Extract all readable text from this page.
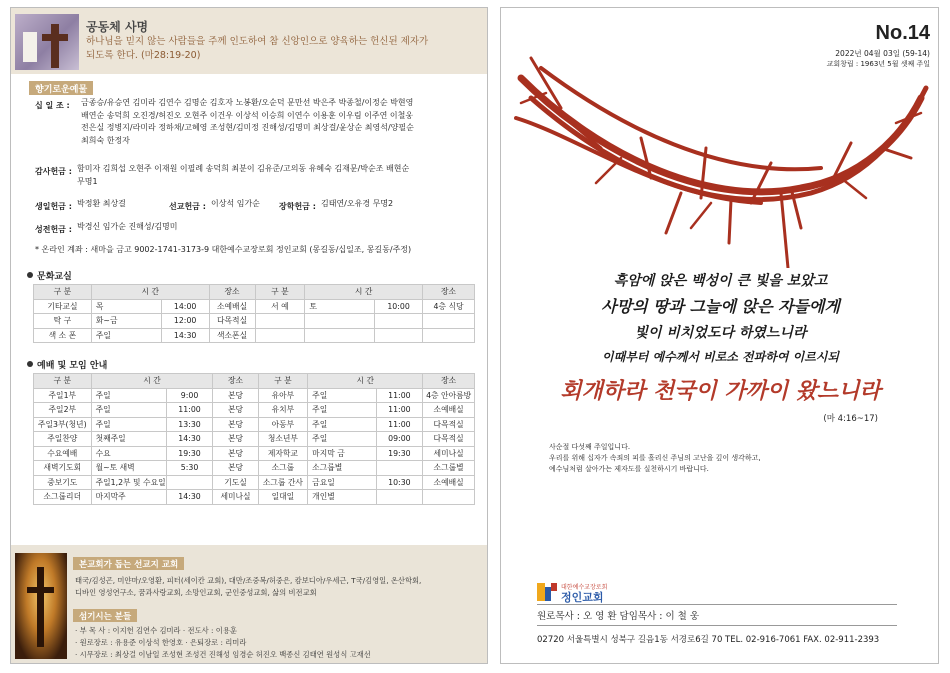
공동체 사명
하나님을 믿지 않는 사람들을 주께 인도하여 참 신앙인으로 양육하는 헌신된 제자가
되도록 한다. (마28:19-20)
향기로운예물
십 일 조 : 금종승/유승연 김미라 김연수 김명순 김호자 노봉환/오순덕 문만선 박은주 박종철/이정순 박현영
배연순 송덕희 오진경/허진오 오현주 이건우 이상석 이승희 이연수 이용훈 이우림 이주연 이철웅
전은실 정병지/라미라 정하채/고혜영 조성현/김미정 진해성/김명미 최상걸/윤상순 최영석/양필순
최희숙 한정자
감사헌금 : 함미자 김희섭 오현주 이재원 이필례 송덕희 최분이 김유준/고의동 유혜숙 김재문/박순조 배현순
무명1
생일헌금 : 박정환 최상걸	선교헌금 : 이상석 임가순 장학헌금 : 김태연/오유경 무명2
성전헌금 : 박경신 임가순 진해성/김명미
* 온라인 계좌 : 새마을 금고 9002-1741-3173-9 대한예수교장로회 정인교회 (몽길동/십일조, 몽길동/주정)
문화교실
구 분	시 간		장소	구 분	시 간		장소
기타교실	목	14:00	소예배실	서 예	토	10:00	4층 식당
탁 구	화~금	12:00	다목적실				
색 소 폰	주일	14:30	색소폰실				
예배 및 모임 안내
구 분	시 간		장소	구 분	시 간		장소
주일1부	주일	9:00	본당	유아부	주일	11:00	4층 안아름방
주일2부	주일	11:00	본당	유치부	주일	11:00	소예배실
주일3부(청년)	주일	13:30	본당	아동부	주일	11:00	다목적실
주일찬양	첫째주일	14:30	본당	청소년부	주일	09:00	다목적실
수요예배	수요	19:30	본당	제자학교	마지막 금	19:30	세미나실
새벽기도회	월~토 새벽	5:30	본당	소그룹	소그룹별		소그룹별
중보기도	주일1,2부 및 수요일		기도실	소그룹 간사	금요일	10:30	소예배실
소그룹리더	마지막주	14:30	세미나실	일대일	개인별		
본교회가 돕는 선교지 교회
태국/김성곤, 미얀마/오영환, 피터(세이칸 교회), 대만/조중복/허중은, 캄보디아/우세근, T국/김영일, 온산학회,
디바인 영성연구소, 꿈과사랑교회, 소망인교회, 군인중성교회, 삶의 비전교회
섬기시는 분들
· 부 목 사 : 이지헌 김연수 김미라 · 전도사 : 이용훈
· 원로장로 : 유용준 이상석 한영호 · 은퇴장로 : 리미라
· 시무장로 : 최상걸 이남일 조성현 조성건 진해성 임경순 허진오 백종신 김태연 원성식 고재선
No.14
2022년 04월 03일 (59-14)
교회창립 : 1963년 5월 셋째 주일
흑암에 앉은 백성이 큰 빛을 보았고
사망의 땅과 그늘에 앉은 자들에게
빛이 비치었도다 하였느니라
이때부터 예수께서 비로소 전파하여 이르시되
회개하라 천국이 가까이 왔느니라
(마 4:16~17)
사순절 다섯째 주일입니다.
우리를 위해 십자가 속죄의 피를 흘리신 주님의 고난을 깊이 생각하고,
예수님처럼 살아가는 제자도를 실천하시기 바랍니다.
대한예수교장로회
정인교회
원로목사 : 오 영 환 담임목사 : 이 철 웅
02720 서울특별시 성북구 길음1동 서경로6길 70 TEL. 02-916-7061 FAX. 02-911-2393
